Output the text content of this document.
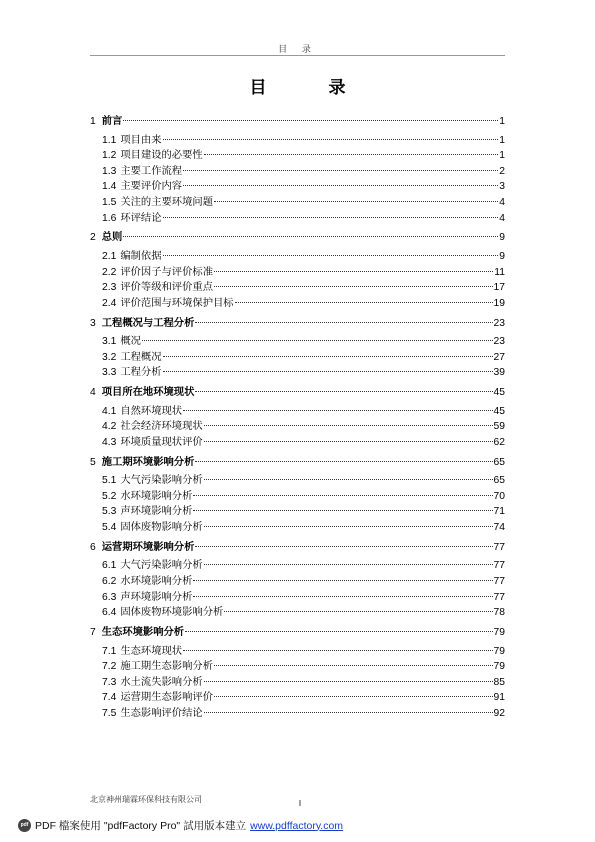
目 录
目 录
1 前言	1
1.1 项目由来	1
1.2 项目建设的必要性	1
1.3 主要工作流程	2
1.4 主要评价内容	3
1.5 关注的主要环境问题	4
1.6 环评结论	4
2 总则	9
2.1 编制依据	9
2.2 评价因子与评价标准	11
2.3 评价等级和评价重点	17
2.4 评价范围与环境保护目标	19
3 工程概况与工程分析	23
3.1 概况	23
3.2 工程概况	27
3.3 工程分析	39
4 项目所在地环境现状	45
4.1 自然环境现状	45
4.2 社会经济环境现状	59
4.3 环境质量现状评价	62
5 施工期环境影响分析	65
5.1 大气污染影响分析	65
5.2 水环境影响分析	70
5.3 声环境影响分析	71
5.4 固体废物影响分析	74
6 运营期环境影响分析	77
6.1 大气污染影响分析	77
6.2 水环境影响分析	77
6.3 声环境影响分析	77
6.4 固体废物环境影响分析	78
7 生态环境影响分析	79
7.1 生态环境现状	79
7.2 施工期生态影响分析	79
7.3 水土流失影响分析	85
7.4 运营期生态影响评价	91
7.5 生态影响评价结论	92
北京神州瑞霖环保科技有限公司	I
pdf PDF 檔案使用 "pdfFactory Pro" 試用版本建立 www.pdffactory.com
